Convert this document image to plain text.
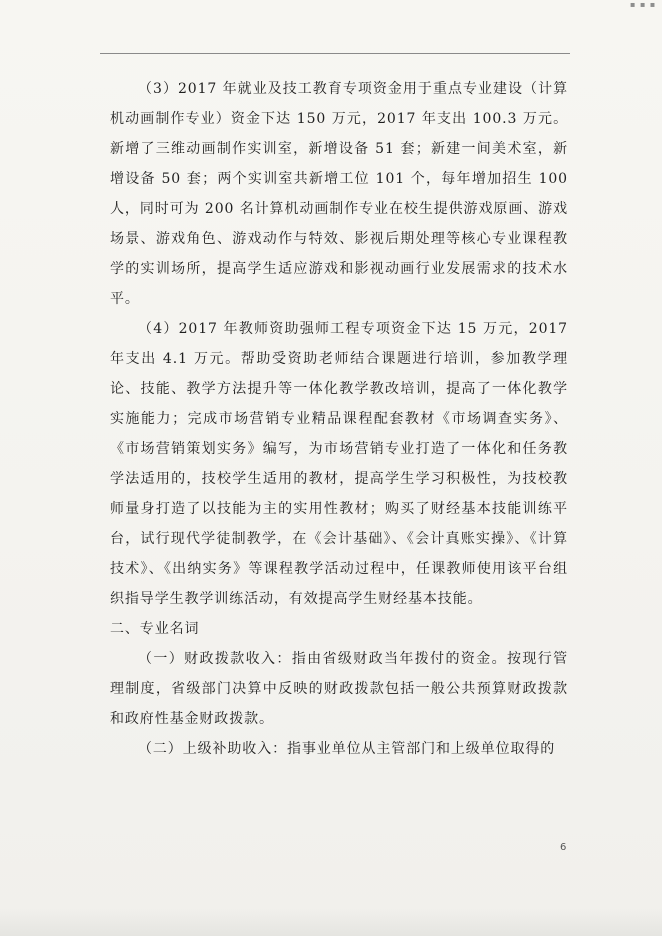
▪ ▪ ▪

（3）2017 年就业及技工教育专项资金用于重点专业建设（计算机动画制作专业）资金下达 150 万元，2017 年支出 100.3 万元。新增了三维动画制作实训室，新增设备 51 套；新建一间美术室，新增设备 50 套；两个实训室共新增工位 101 个，每年增加招生 100 人，同时可为 200 名计算机动画制作专业在校生提供游戏原画、游戏场景、游戏角色、游戏动作与特效、影视后期处理等核心专业课程教学的实训场所，提高学生适应游戏和影视动画行业发展需求的技术水平。

（4）2017 年教师资助强师工程专项资金下达 15 万元，2017 年支出 4.1 万元。帮助受资助老师结合课题进行培训，参加教学理论、技能、教学方法提升等一体化教学教改培训，提高了一体化教学实施能力；完成市场营销专业精品课程配套教材《市场调查实务》、《市场营销策划实务》编写，为市场营销专业打造了一体化和任务教学法适用的，技校学生适用的教材，提高学生学习积极性，为技校教师量身打造了以技能为主的实用性教材；购买了财经基本技能训练平台，试行现代学徒制教学，在《会计基础》、《会计真账实操》、《计算技术》、《出纳实务》等课程教学活动过程中，任课教师使用该平台组织指导学生教学训练活动，有效提高学生财经基本技能。

二、专业名词

（一）财政拨款收入：指由省级财政当年拨付的资金。按现行管理制度，省级部门决算中反映的财政拨款包括一般公共预算财政拨款和政府性基金财政拨款。

（二）上级补助收入：指事业单位从主管部门和上级单位取得的

6
